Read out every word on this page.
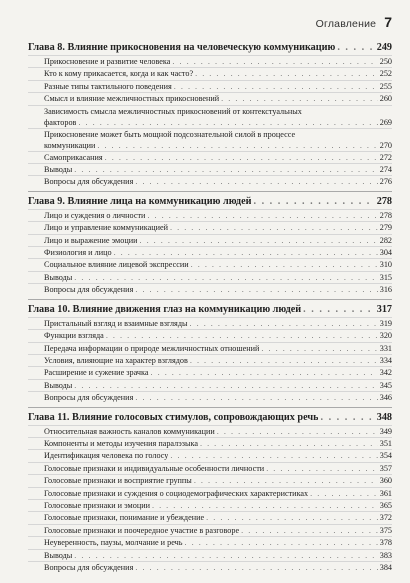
Оглавление 7
Глава 8. Влияние прикосновения на человеческую коммуникацию . . .	249
Прикосновение и развитие человека . . .	250
Кто к кому прикасается, когда и как часто? . . .	252
Разные типы тактильного поведения . . .	255
Смысл и влияние межличностных прикосновений . . .	260
Зависимость смысла межличностных прикосновений от контекстуальных
факторов . . .	269
Прикосновение может быть мощной подсознательной силой в процессе
коммуникации . . .	270
Самоприкасания . . .	272
Выводы . . .	274
Вопросы для обсуждения . . .	276
Глава 9. Влияние лица на коммуникацию людей . . .	278
Лицо и суждения о личности . . .	278
Лицо и управление коммуникацией . . .	279
Лицо и выражение эмоции . . .	282
Физиология и лицо . . .	304
Социальное влияние лицевой экспрессии . . .	310
Выводы . . .	315
Вопросы для обсуждения . . .	316
Глава 10. Влияние движения глаз на коммуникацию людей . . .	317
Пристальный взгляд и взаимные взгляды . . .	319
Функции взгляда . . .	320
Передача информации о природе межличностных отношений . . .	331
Условия, влияющие на характер взглядов . . .	334
Расширение и сужение зрачка . . .	342
Выводы . . .	345
Вопросы для обсуждения . . .	346
Глава 11. Влияние голосовых стимулов, сопровождающих речь . . .	348
Относительная важность каналов коммуникации . . .	349
Компоненты и методы изучения паралэзыка . . .	351
Идентификация человека по голосу . . .	354
Голосовые признаки и индивидуальные особенности личности . . .	357
Голосовые признаки и восприятие группы . . .	360
Голосовые признаки и суждения о социодемографических характеристиках . . .	361
Голосовые признаки и эмоции . . .	365
Голосовые признаки, понимание и убеждение . . .	372
Голосовые признаки и поочередное участие в разговоре . . .	375
Неуверенность, паузы, молчание и речь . . .	378
Выводы . . .	383
Вопросы для обсуждения . . .	384
